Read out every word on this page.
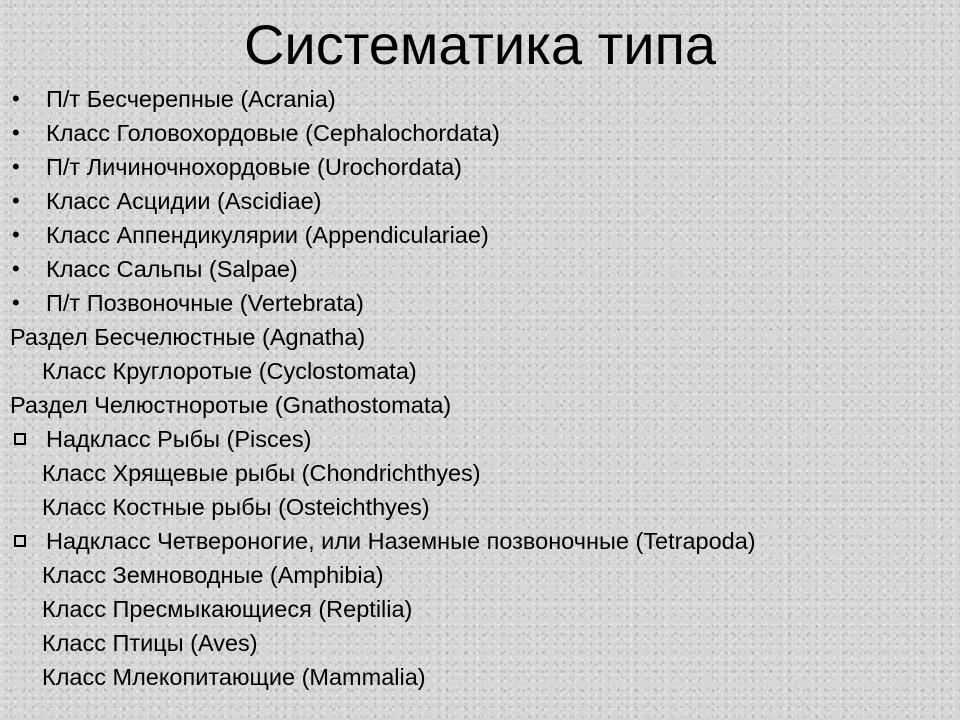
Систематика типа
• П/т Бесчерепные (Acrania)
• Класс Головохордовые (Cephalochordata)
• П/т Личиночнохордовые (Urochordata)
• Класс Асцидии (Ascidiae)
• Класс Аппендикулярии (Appendiculariae)
• Класс Сальпы (Salpae)
• П/т Позвоночные (Vertebrata)
Раздел Бесчелюстные (Agnatha)
Класс Круглоротые (Cyclostomata)
Раздел Челюстноротые (Gnathostomata)
Надкласс Рыбы (Pisces)
Класс Хрящевые рыбы (Chondrichthyes)
Класс Костные рыбы (Osteichthyes)
Надкласс Четвероногие, или Наземные позвоночные (Tetrapoda)
Класс Земноводные (Amphibia)
Класс Пресмыкающиеся (Reptilia)
Класс Птицы (Aves)
Класс Млекопитающие (Mammalia)
